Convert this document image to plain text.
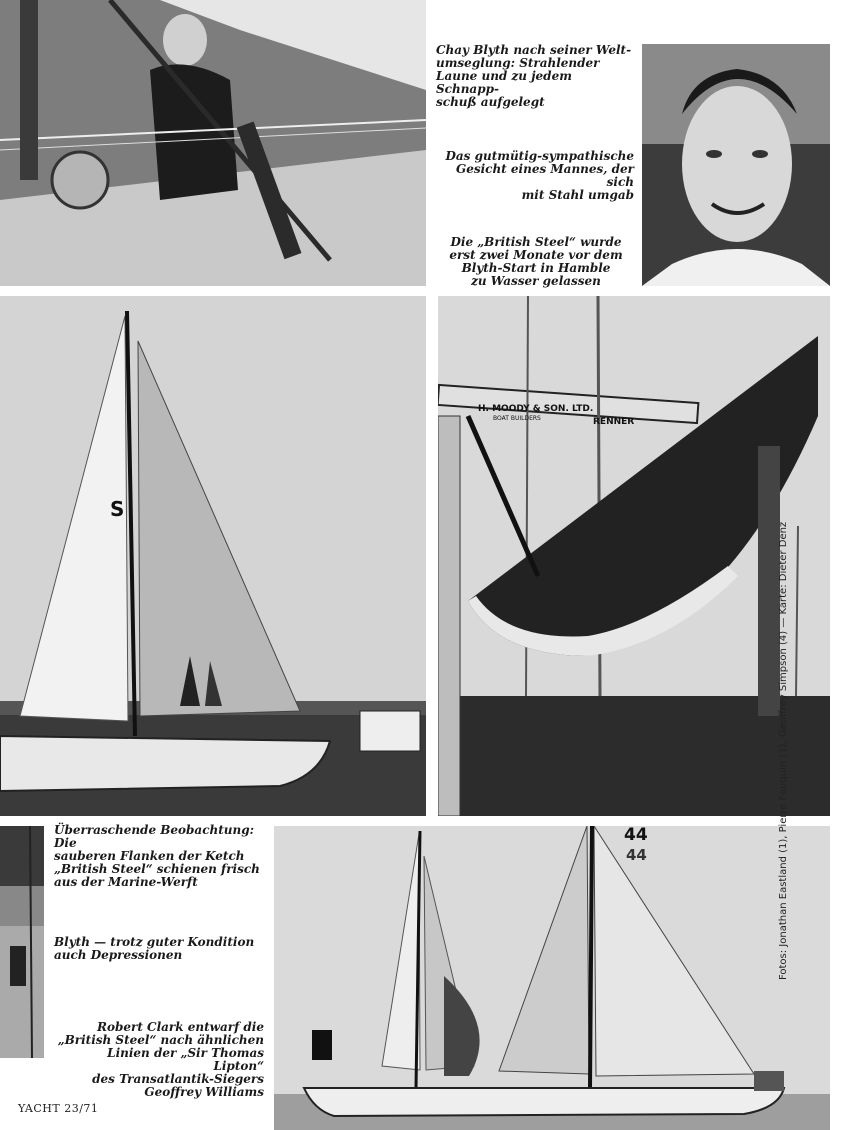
Chay Blyth nach seiner Welt-
umseglung: Strahlender
Laune und zu jedem Schnapp-
schuß aufgelegt

Das gutmütig-sympathische
Gesicht eines Mannes, der sich
mit Stahl umgab

Die „British Steel“ wurde
erst zwei Monate vor dem
Blyth-Start in Hamble
zu Wasser gelassen

S
H. MOODY & SON. LTD.
BOAT BUILDERS	RENNER

Überraschende Beobachtung: Die
sauberen Flanken der Ketch
„British Steel“ schienen frisch
aus der Marine-Werft

Blyth — trotz guter Kondition
auch Depressionen

Robert Clark entwarf die
„British Steel“ nach ähnlichen
Linien der „Sir Thomas Lipton“
des Transatlantik-Siegers
Geoffrey Williams

44
44	Fotos: Jonathan Eastland (1), Pierre Fouquin (1), Geoffrey Simpson (4) — Karte: Dieter Denz
YACHT 23/71
